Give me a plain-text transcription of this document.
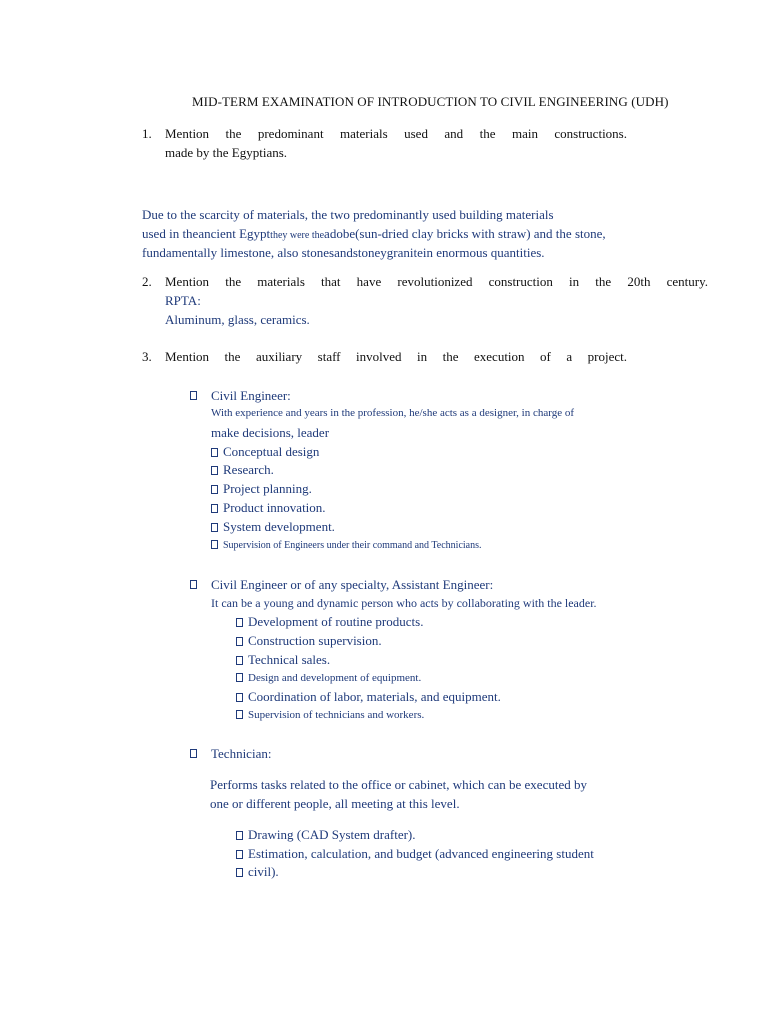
MID-TERM EXAMINATION OF INTRODUCTION TO CIVIL ENGINEERING (UDH)
1. Mention the predominant materials used and the main constructions.
made by the Egyptians.
Due to the scarcity of materials, the two predominantly used building materials
used in theancient Egyptthey were theadobe(sun-dried clay bricks with straw) and the stone,
fundamentally limestone, also stonesandstoneygranitein enormous quantities.
2. Mention the materials that have revolutionized construction in the 20th century.
RPTA:
Aluminum, glass, ceramics.
3. Mention the auxiliary staff involved in the execution of a project.
Civil Engineer:
With experience and years in the profession, he/she acts as a designer, in charge of
make decisions, leader
Conceptual design
Research.
Project planning.
Product innovation.
System development.
Supervision of Engineers under their command and Technicians.
Civil Engineer or of any specialty, Assistant Engineer:
It can be a young and dynamic person who acts by collaborating with the leader.
Development of routine products.
Construction supervision.
Technical sales.
Design and development of equipment.
Coordination of labor, materials, and equipment.
Supervision of technicians and workers.
Technician:
Performs tasks related to the office or cabinet, which can be executed by
one or different people, all meeting at this level.
Drawing (CAD System drafter).
Estimation, calculation, and budget (advanced engineering student
civil).
